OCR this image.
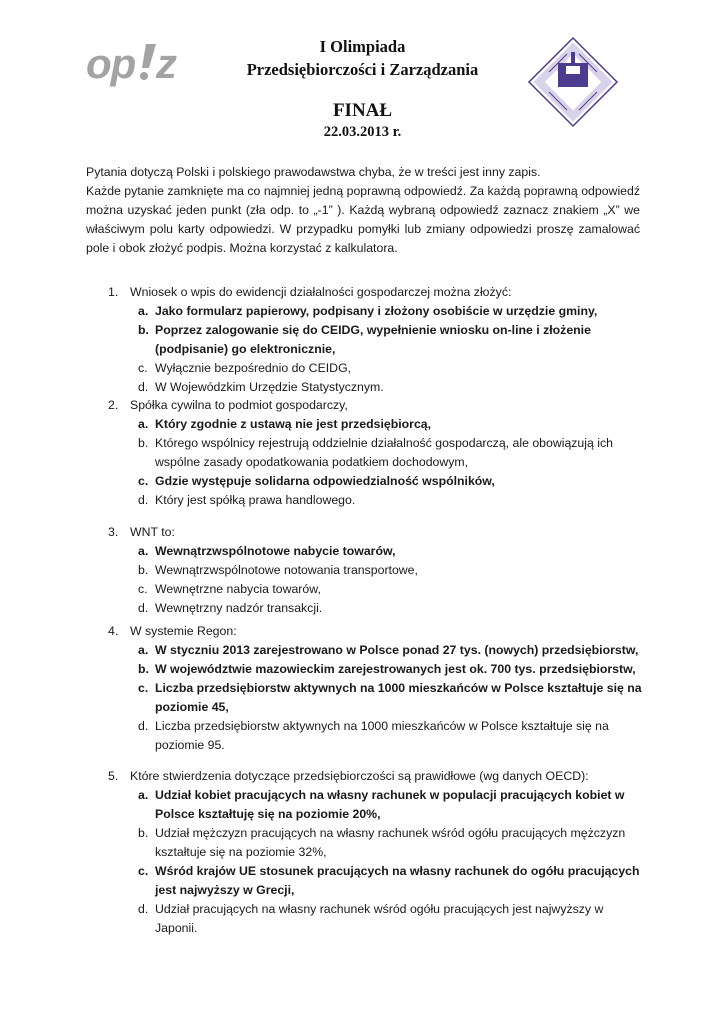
op z	I Olimpiada
Przedsiębiorczości i Zarządzania
FINAŁ
22.03.2013 r.

Pytania dotyczą Polski i polskiego prawodawstwa chyba, że w treści jest inny zapis.

Każde pytanie zamknięte ma co najmniej jedną poprawną odpowiedź. Za każdą poprawną odpowiedź można uzyskać jeden punkt (zła odp. to „-1” ). Każdą wybraną odpowiedź zaznacz znakiem „X” we właściwym polu karty odpowiedzi. W przypadku pomyłki lub zmiany odpowiedzi proszę zamalować pole i obok złożyć podpis. Można korzystać z kalkulatora.

1. Wniosek o wpis do ewidencji działalności gospodarczej można złożyć:
a. Jako formularz papierowy, podpisany i złożony osobiście w urzędzie gminy,
b. Poprzez zalogowanie się do CEIDG, wypełnienie wniosku on-line i złożenie (podpisanie) go elektronicznie,
c. Wyłącznie bezpośrednio do CEIDG,
d. W Wojewódzkim Urzędzie Statystycznym.
2. Spółka cywilna to podmiot gospodarczy,
a. Który zgodnie z ustawą nie jest przedsiębiorcą,
b. Którego wspólnicy rejestrują oddzielnie działalność gospodarczą, ale obowiązują ich wspólne zasady opodatkowania podatkiem dochodowym,
c. Gdzie występuje solidarna odpowiedzialność wspólników,
d. Który jest spółką prawa handlowego.
3. WNT to:
a. Wewnątrzwspólnotowe nabycie towarów,
b. Wewnątrzwspólnotowe notowania transportowe,
c. Wewnętrzne nabycia towarów,
d. Wewnętrzny nadzór transakcji.
4. W systemie Regon:
a. W styczniu 2013 zarejestrowano w Polsce ponad 27 tys. (nowych) przedsiębiorstw,
b. W województwie mazowieckim zarejestrowanych jest ok. 700 tys. przedsiębiorstw,
c. Liczba przedsiębiorstw aktywnych na 1000 mieszkańców w Polsce kształtuje się na poziomie 45,
d. Liczba przedsiębiorstw aktywnych na 1000 mieszkańców w Polsce kształtuje się na poziomie 95.
5. Które stwierdzenia dotyczące przedsiębiorczości są prawidłowe (wg danych OECD):
a. Udział kobiet pracujących na własny rachunek w populacji pracujących kobiet w Polsce kształtuję się na poziomie 20%,
b. Udział mężczyzn pracujących na własny rachunek wśród ogółu pracujących mężczyzn kształtuje się na poziomie 32%,
c. Wśród krajów UE stosunek pracujących na własny rachunek do ogółu pracujących jest najwyższy w Grecji,
d. Udział pracujących na własny rachunek wśród ogółu pracujących jest najwyższy w Japonii.
